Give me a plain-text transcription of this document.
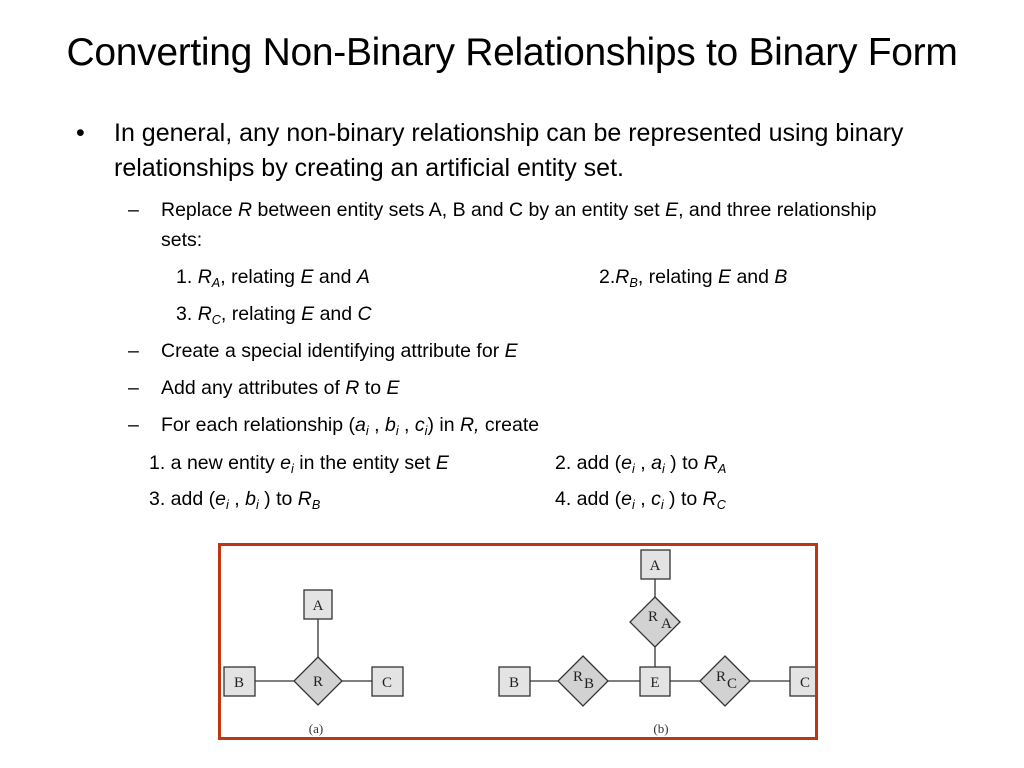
Converting Non-Binary Relationships to Binary Form
• In general, any non-binary relationship can be represented using binary relationships by creating an artificial entity set.
– Replace R between entity sets A, B and C by an entity set E, and three relationship sets:
1. $R_A$, relating E and A	$2.R_B$, relating E and B
3. $R_C$, relating E and C
– Create a special identifying attribute for E
– Add any attributes of R to E
– For each relationship ($a_i$ , $b_i$ , $c_i$) in R, create
1. a new entity $e_i$ in the entity set E	2. add ($e_i$ , $a_i$ ) to $R_A$
3. add ($e_i$ , $b_i$ ) to $R_B$	4. add ($e_i$ , $c_i$ ) to $R_C$
A
B	C
R
(a)
A
R A
B	R B	E	R C	C
(b)
